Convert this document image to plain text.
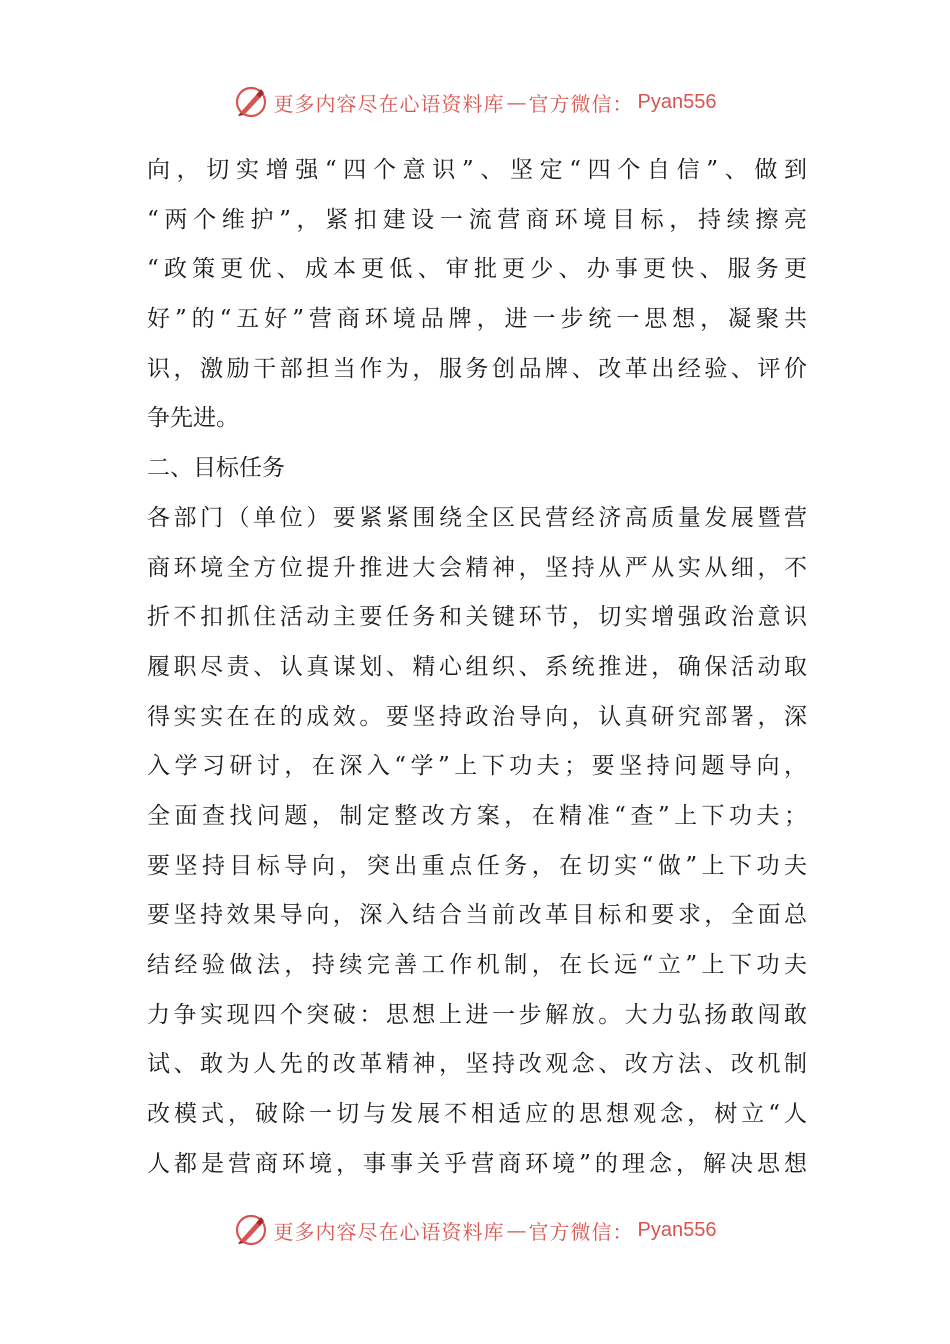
更多内容尽在心语资料库 — 官方微信： Pyan556
向，切实增强“四个意识”、坚定“四个自信”、做到
“两个维护”，紧扣建设一流营商环境目标，持续擦亮
“政策更优、成本更低、审批更少、办事更快、服务更
好”的“五好”营商环境品牌，进一步统一思想，凝聚共
识，激励干部担当作为，服务创品牌、改革出经验、评价
争先进。
二、目标任务
各部门（单位）要紧紧围绕全区民营经济高质量发展暨营
商环境全方位提升推进大会精神，坚持从严从实从细，不
折不扣抓住活动主要任务和关键环节，切实增强政治意识
履职尽责、认真谋划、精心组织、系统推进，确保活动取
得实实在在的成效。要坚持政治导向，认真研究部署，深
入学习研讨，在深入“学”上下功夫；要坚持问题导向，
全面查找问题，制定整改方案，在精准“查”上下功夫；
要坚持目标导向，突出重点任务，在切实“做”上下功夫
要坚持效果导向，深入结合当前改革目标和要求，全面总
结经验做法，持续完善工作机制，在长远“立”上下功夫
力争实现四个突破：思想上进一步解放。大力弘扬敢闯敢
试、敢为人先的改革精神，坚持改观念、改方法、改机制
改模式，破除一切与发展不相适应的思想观念，树立“人
人都是营商环境，事事关乎营商环境”的理念，解决思想
更多内容尽在心语资料库 — 官方微信： Pyan556
